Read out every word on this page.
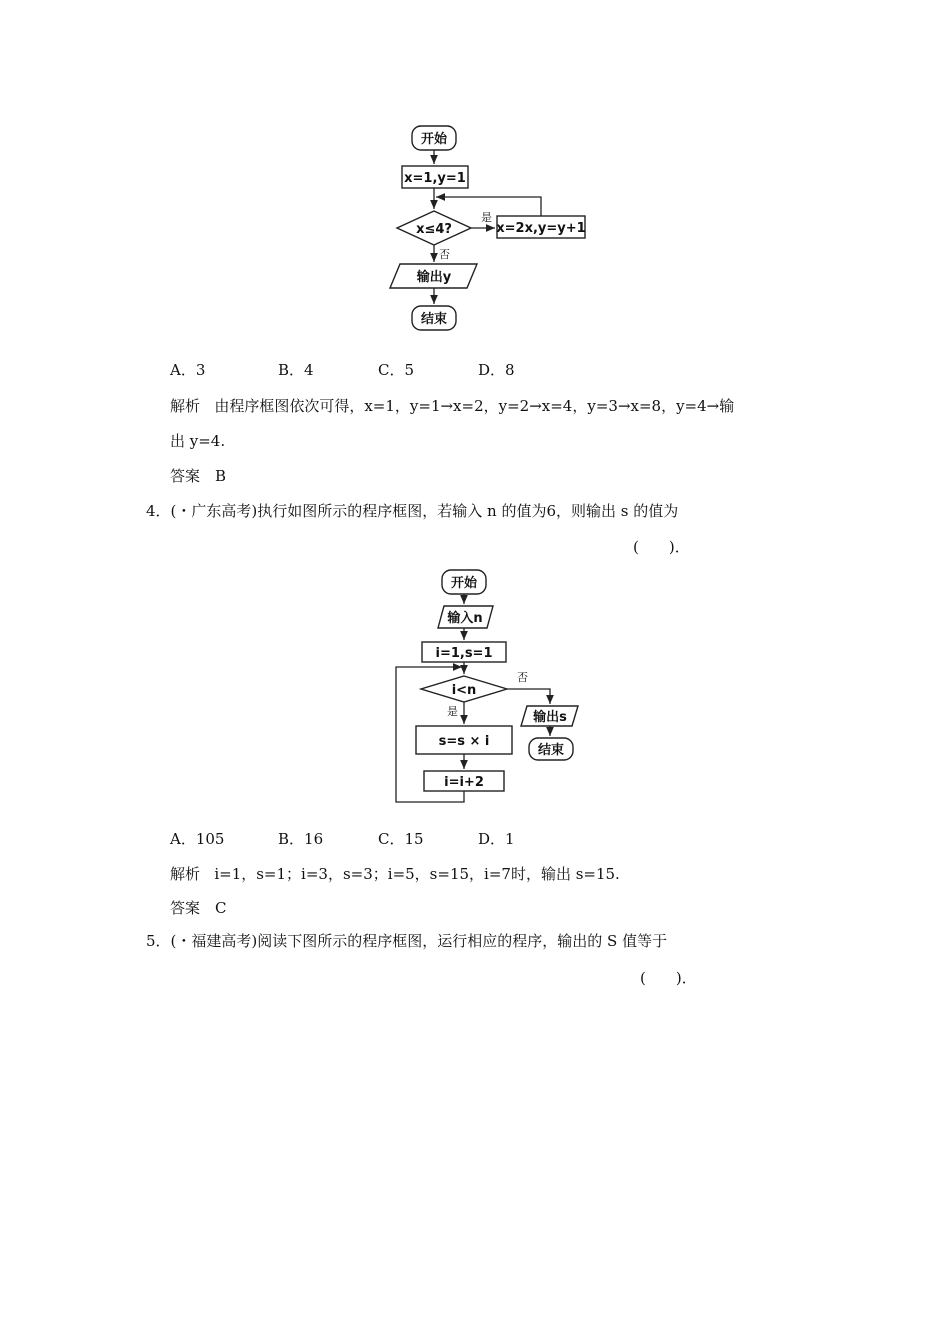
开始
x=1,y=1
x≤4?
是
x=2x,y=y+1
否
输出y
结束
A．3	B．4	C．5	D．8
解析 由程序框图依次可得，x=1，y=1→x=2，y=2→x=4，y=3→x=8，y=4→输
出 y=4.
答案　B
4．(・广东高考)执行如图所示的程序框图，若输入 n 的值为6，则输出 s 的值为
(　　)．
开始
输入n
i=1,s=1
i<n
否
输出s
结束
是
s=s × i
i=i+2
A．105	B．16	C．15	D．1
解析 i=1，s=1；i=3，s=3；i=5，s=15，i=7时，输出 s=15.
答案　C
5．(・福建高考)阅读下图所示的程序框图，运行相应的程序，输出的 S 值等于
(　　)．
